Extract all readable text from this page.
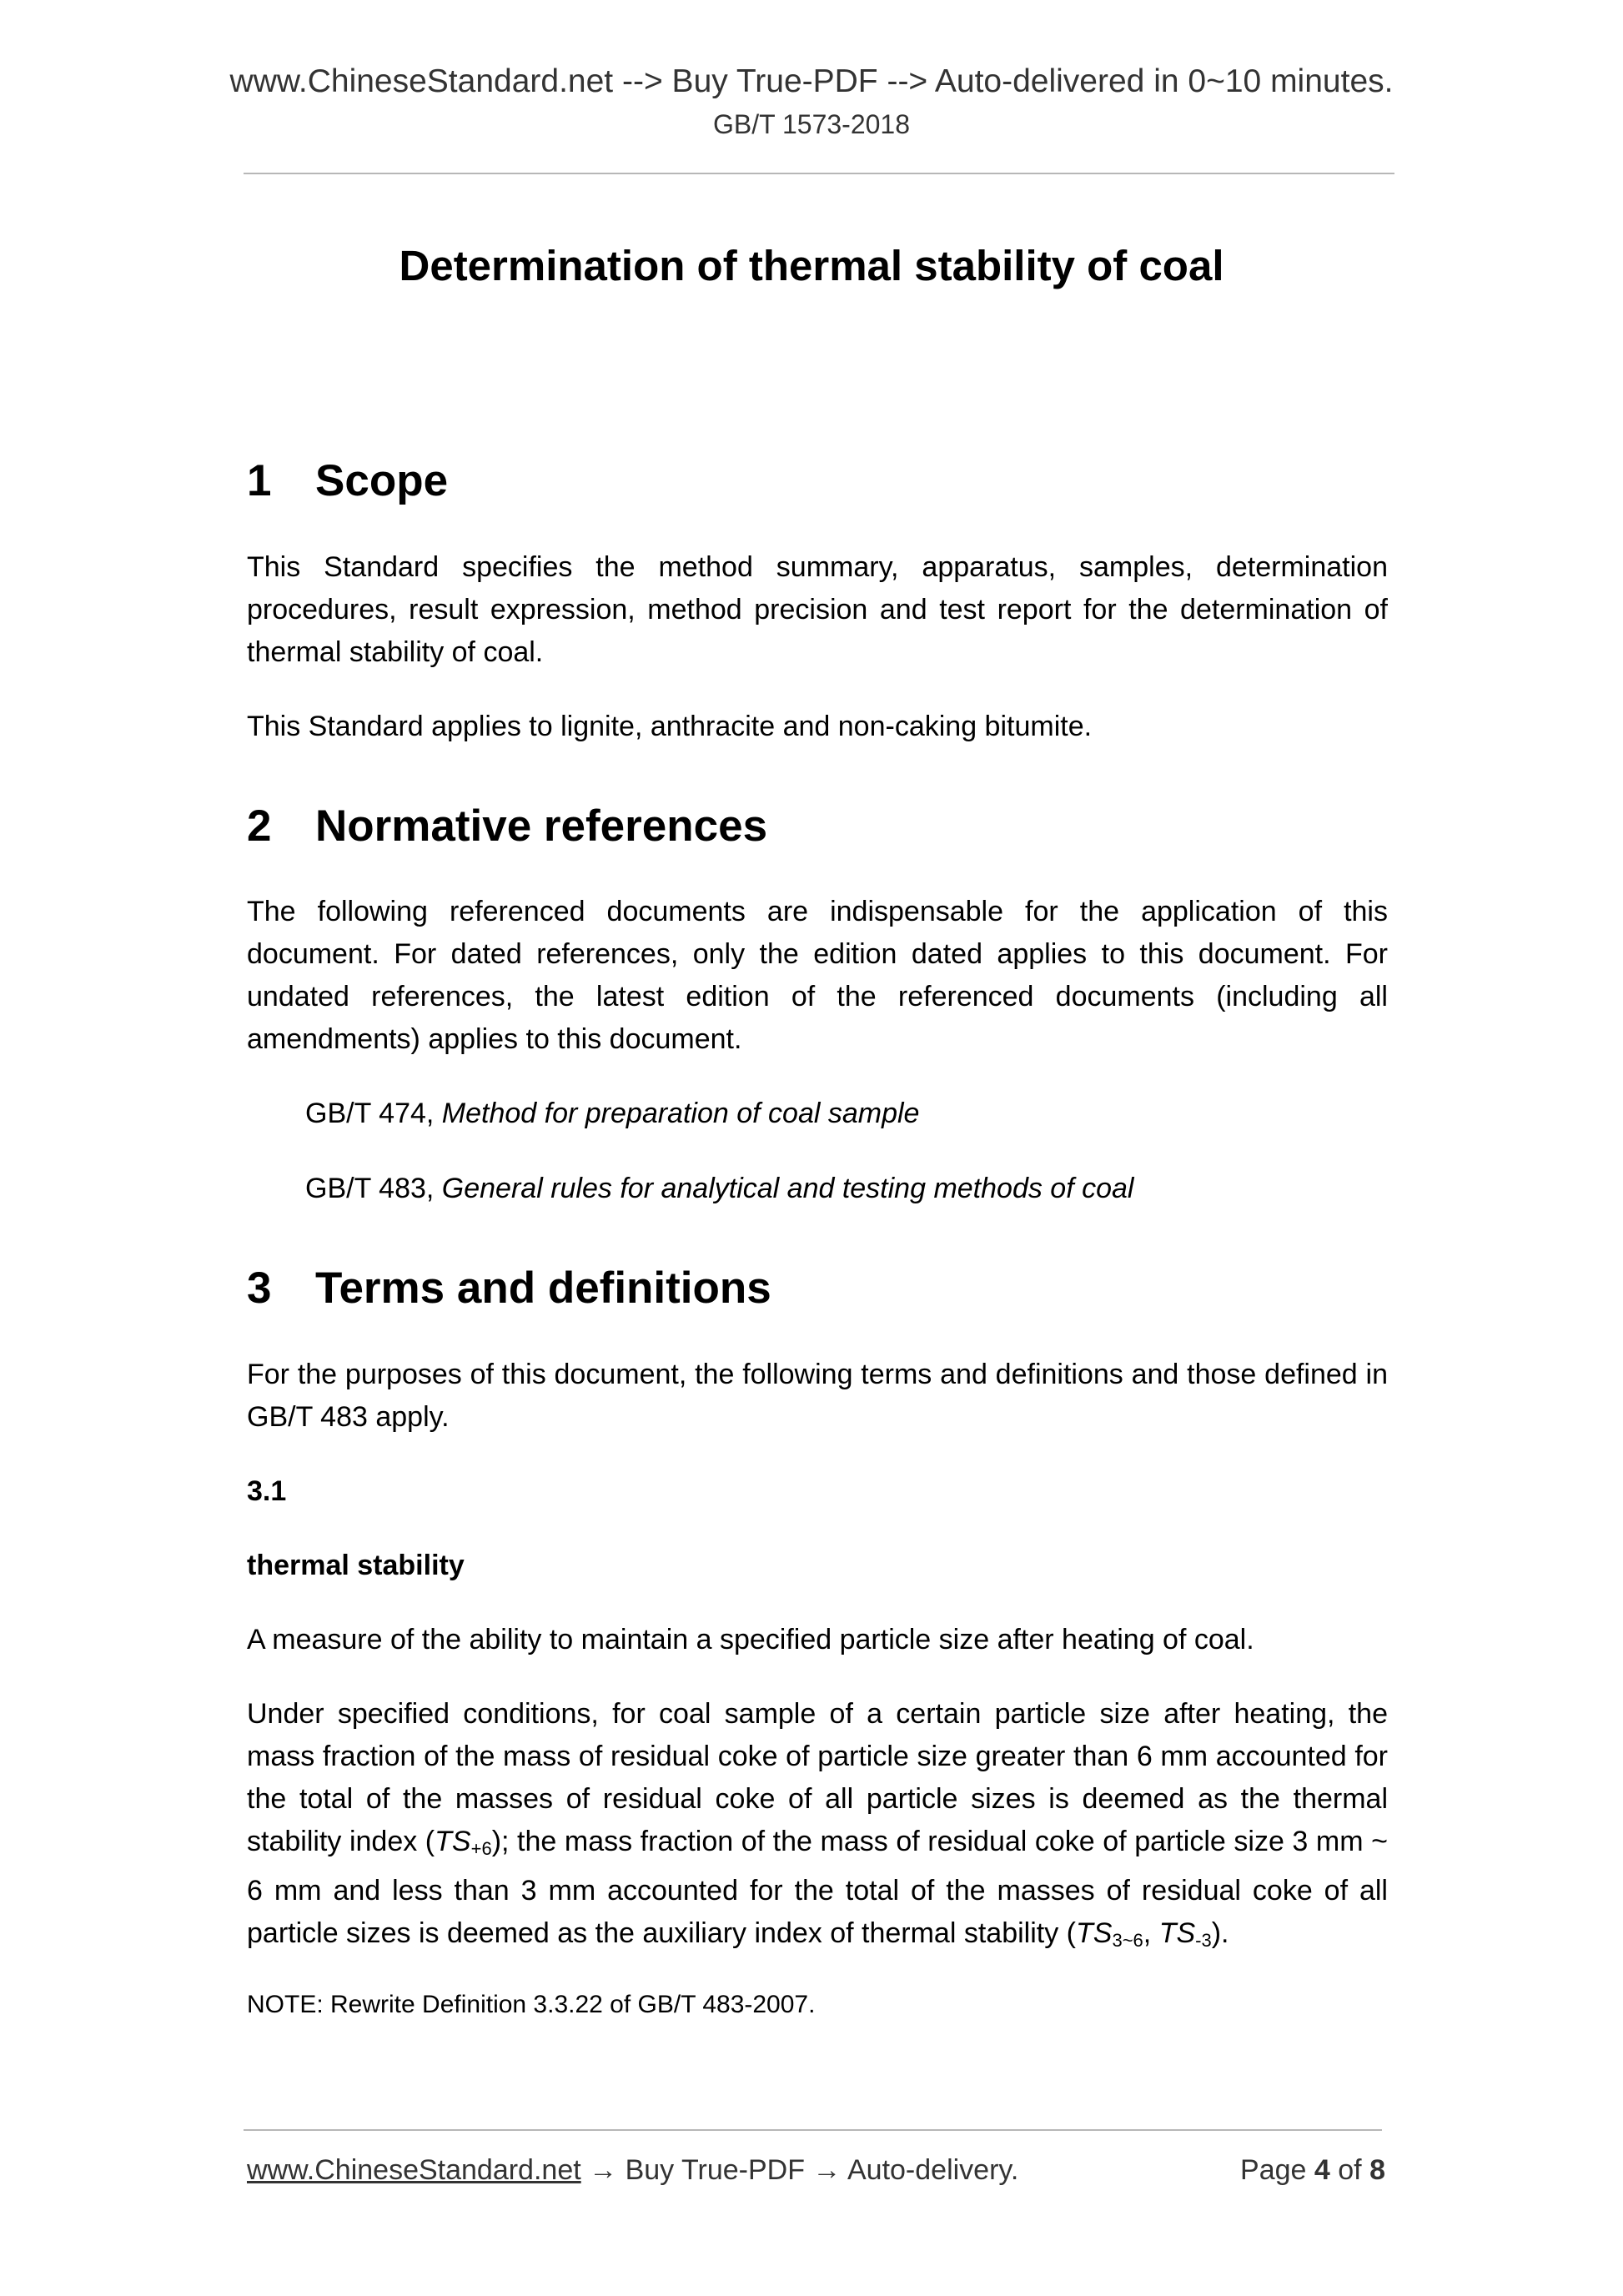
www.ChineseStandard.net --> Buy True-PDF --> Auto-delivered in 0~10 minutes.
GB/T 1573-2018
Determination of thermal stability of coal
1 Scope

This Standard specifies the method summary, apparatus, samples, determination procedures, result expression, method precision and test report for the determination of thermal stability of coal.

This Standard applies to lignite, anthracite and non-caking bitumite.

2 Normative references

The following referenced documents are indispensable for the application of this document. For dated references, only the edition dated applies to this document. For undated references, the latest edition of the referenced documents (including all amendments) applies to this document.

GB/T 474, Method for preparation of coal sample
GB/T 483, General rules for analytical and testing methods of coal
3 Terms and definitions

For the purposes of this document, the following terms and definitions and those defined in GB/T 483 apply.

3.1
thermal stability

A measure of the ability to maintain a specified particle size after heating of coal.

Under specified conditions, for coal sample of a certain particle size after heating, the mass fraction of the mass of residual coke of particle size greater than 6 mm accounted for the total of the masses of residual coke of all particle sizes is deemed as the thermal stability index $(TS_{+6})$; the mass fraction of the mass of residual coke of particle size 3 mm ~ 6 mm and less than 3 mm accounted for the total of the masses of residual coke of all particle sizes is deemed as the auxiliary index of thermal stability ($TS_{3\sim 6}$, $TS_{-3}$).

NOTE: Rewrite Definition 3.3.22 of GB/T 483-2007.
www.ChineseStandard.net → Buy True-PDF → Auto-delivery.	Page 4 of 8
